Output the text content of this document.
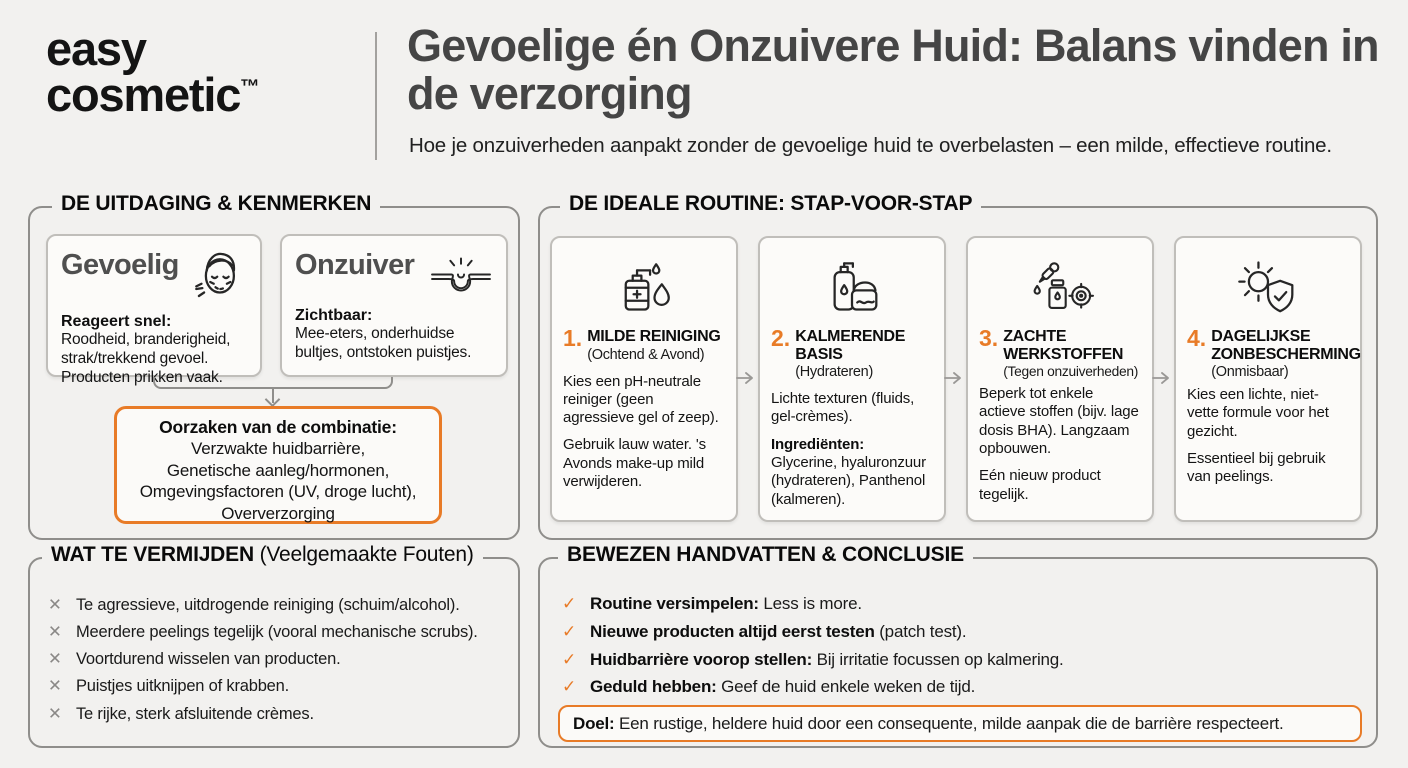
easy
cosmetic™
Gevoelige én Onzuivere Huid: Balans vinden in de verzorging
Hoe je onzuiverheden aanpakt zonder de gevoelige huid te overbelasten – een milde, effectieve routine.
DE UITDAGING & KENMERKEN
Gevoelig
Reageert snel:
Roodheid, branderigheid, strak/trekkend gevoel. Producten prikken vaak.
Onzuiver
Zichtbaar:
Mee-eters, onderhuidse bultjes, ontstoken puistjes.
Oorzaken van de combinatie:
Verzwakte huidbarrière,
Genetische aanleg/hormonen,
Omgevingsfactoren (UV, droge lucht),
Oververzorging
DE IDEALE ROUTINE: STAP-VOOR-STAP
1. MILDE REINIGING
(Ochtend & Avond)

Kies een pH-neutrale reiniger (geen agressieve gel of zeep).

Gebruik lauw water. 's Avonds make-up mild verwijderen.

2. KALMERENDE BASIS
(Hydrateren)

Lichte texturen (fluids, gel-crèmes).

Ingrediënten:
Glycerine, hyaluronzuur (hydrateren), Panthenol (kalmeren).

3. ZACHTE WERKSTOFFEN
(Tegen onzuiverheden)

Beperk tot enkele actieve stoffen (bijv. lage dosis BHA). Langzaam opbouwen.

Eén nieuw product tegelijk.

4. DAGELIJKSE ZONBESCHERMING
(Onmisbaar)

Kies een lichte, niet-vette formule voor het gezicht.

Essentieel bij gebruik van peelings.

WAT TE VERMIJDEN (Veelgemaakte Fouten)
✕ Te agressieve, uitdrogende reiniging (schuim/alcohol).
✕ Meerdere peelings tegelijk (vooral mechanische scrubs).
✕ Voortdurend wisselen van producten.
✕ Puistjes uitknijpen of krabben.
✕ Te rijke, sterk afsluitende crèmes.
BEWEZEN HANDVATTEN & CONCLUSIE
✓ Routine versimpelen: Less is more.
✓ Nieuwe producten altijd eerst testen (patch test).
✓ Huidbarrière voorop stellen: Bij irritatie focussen op kalmering.
✓ Geduld hebben: Geef de huid enkele weken de tijd.
Doel: Een rustige, heldere huid door een consequente, milde aanpak die de barrière respecteert.
